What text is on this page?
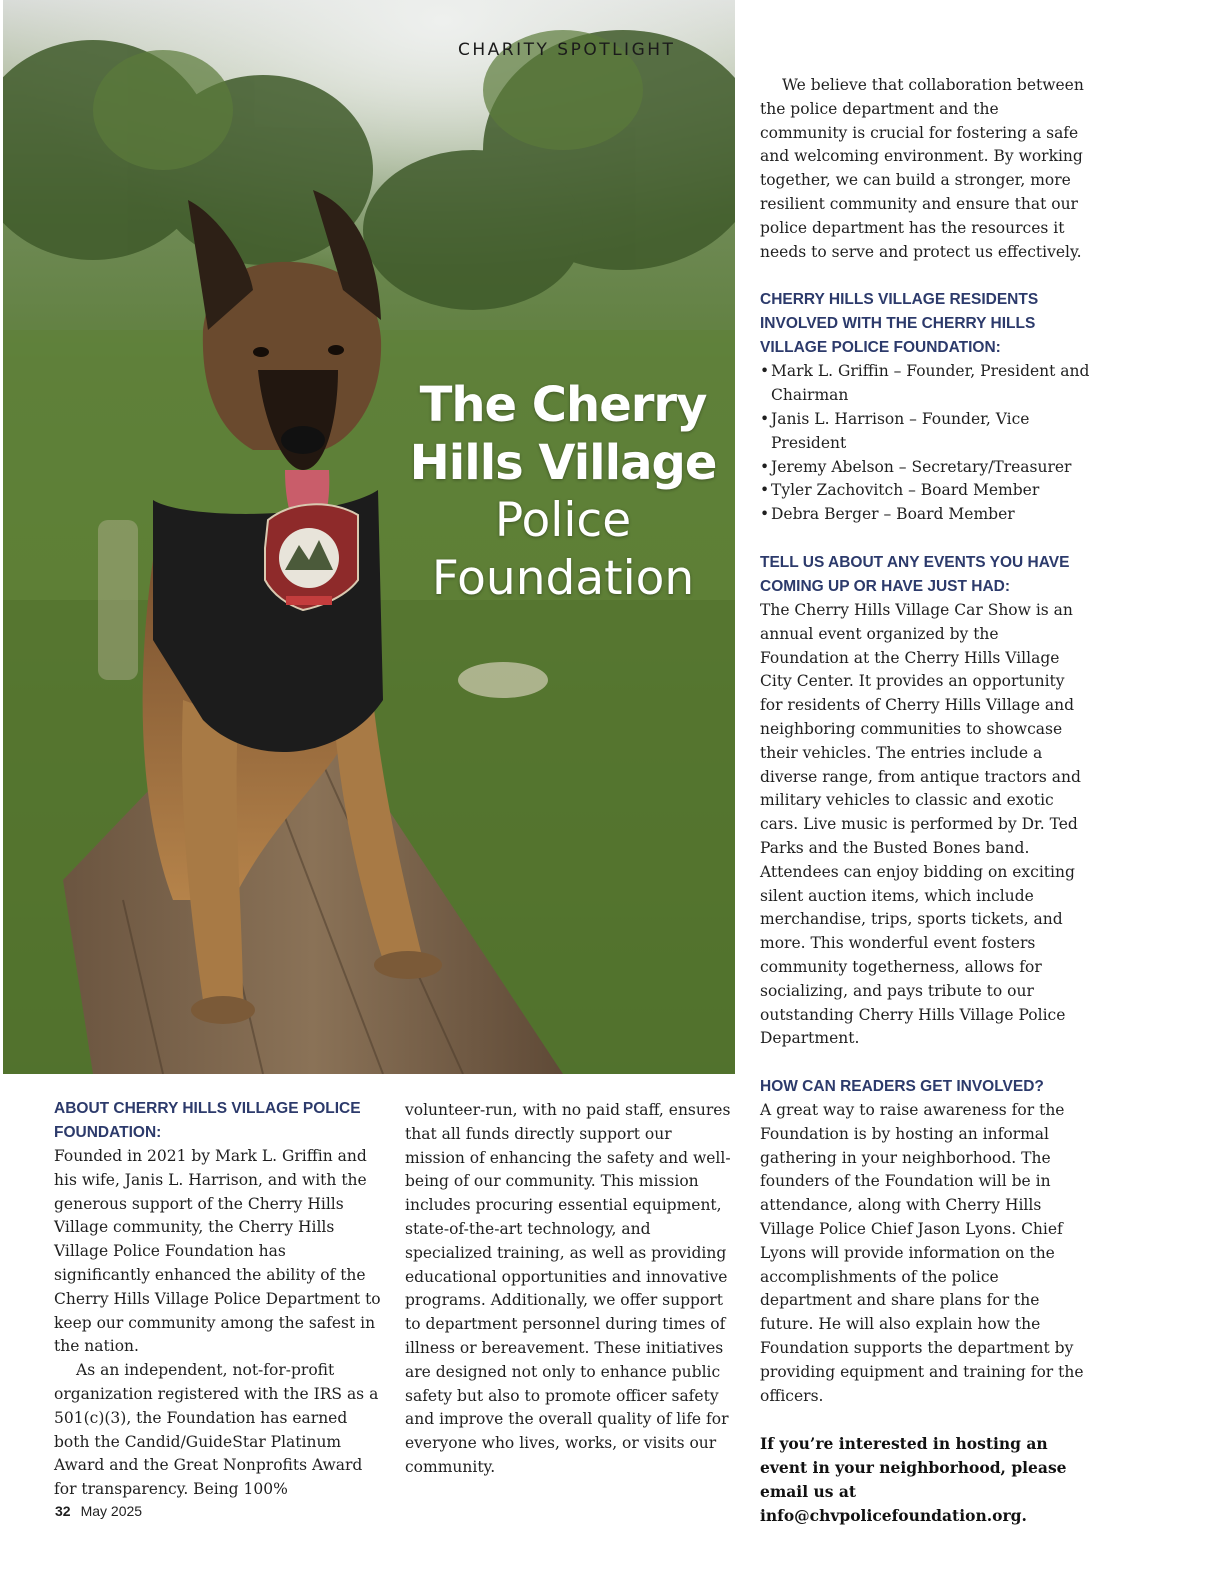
CHARITY SPOTLIGHT
The Cherry
Hills Village
Police
Foundation

We believe that collaboration between the police department and the community is crucial for fostering a safe and welcoming environment. By working together, we can build a stronger, more resilient community and ensure that our police department has the resources it needs to serve and protect us effectively.

CHERRY HILLS VILLAGE RESIDENTS INVOLVED WITH THE CHERRY HILLS VILLAGE POLICE FOUNDATION:

• Mark L. Griffin – Founder, President and Chairman
• Janis L. Harrison – Founder, Vice President
• Jeremy Abelson – Secretary/Treasurer
• Tyler Zachovitch – Board Member
• Debra Berger – Board Member

TELL US ABOUT ANY EVENTS YOU HAVE COMING UP OR HAVE JUST HAD:

The Cherry Hills Village Car Show is an annual event organized by the Foundation at the Cherry Hills Village City Center. It provides an opportunity for residents of Cherry Hills Village and neighboring communities to showcase their vehicles. The entries include a diverse range, from antique tractors and military vehicles to classic and exotic cars. Live music is performed by Dr. Ted Parks and the Busted Bones band. Attendees can enjoy bidding on exciting silent auction items, which include merchandise, trips, sports tickets, and more. This wonderful event fosters community togetherness, allows for socializing, and pays tribute to our outstanding Cherry Hills Village Police Department.

HOW CAN READERS GET INVOLVED?

A great way to raise awareness for the Foundation is by hosting an informal gathering in your neighborhood. The founders of the Foundation will be in attendance, along with Cherry Hills Village Police Chief Jason Lyons. Chief Lyons will provide information on the accomplishments of the police department and share plans for the future. He will also explain how the Foundation supports the department by providing equipment and training for the officers.

If you’re interested in hosting an event in your neighborhood, please email us at info@chvpolicefoundation.org.

ABOUT CHERRY HILLS VILLAGE POLICE FOUNDATION:

Founded in 2021 by Mark L. Griffin and his wife, Janis L. Harrison, and with the generous support of the Cherry Hills Village community, the Cherry Hills Village Police Foundation has significantly enhanced the ability of the Cherry Hills Village Police Department to keep our community among the safest in the nation.

As an independent, not-for-profit organization registered with the IRS as a 501(c)(3), the Foundation has earned both the Candid/GuideStar Platinum Award and the Great Nonprofits Award for transparency. Being 100%

volunteer-run, with no paid staff, ensures that all funds directly support our mission of enhancing the safety and well-being of our community. This mission includes procuring essential equipment, state-of-the-art technology, and specialized training, as well as providing educational opportunities and innovative programs. Additionally, we offer support to department personnel during times of illness or bereavement. These initiatives are designed not only to enhance public safety but also to promote officer safety and improve the overall quality of life for everyone who lives, works, or visits our community.

32 May 2025
